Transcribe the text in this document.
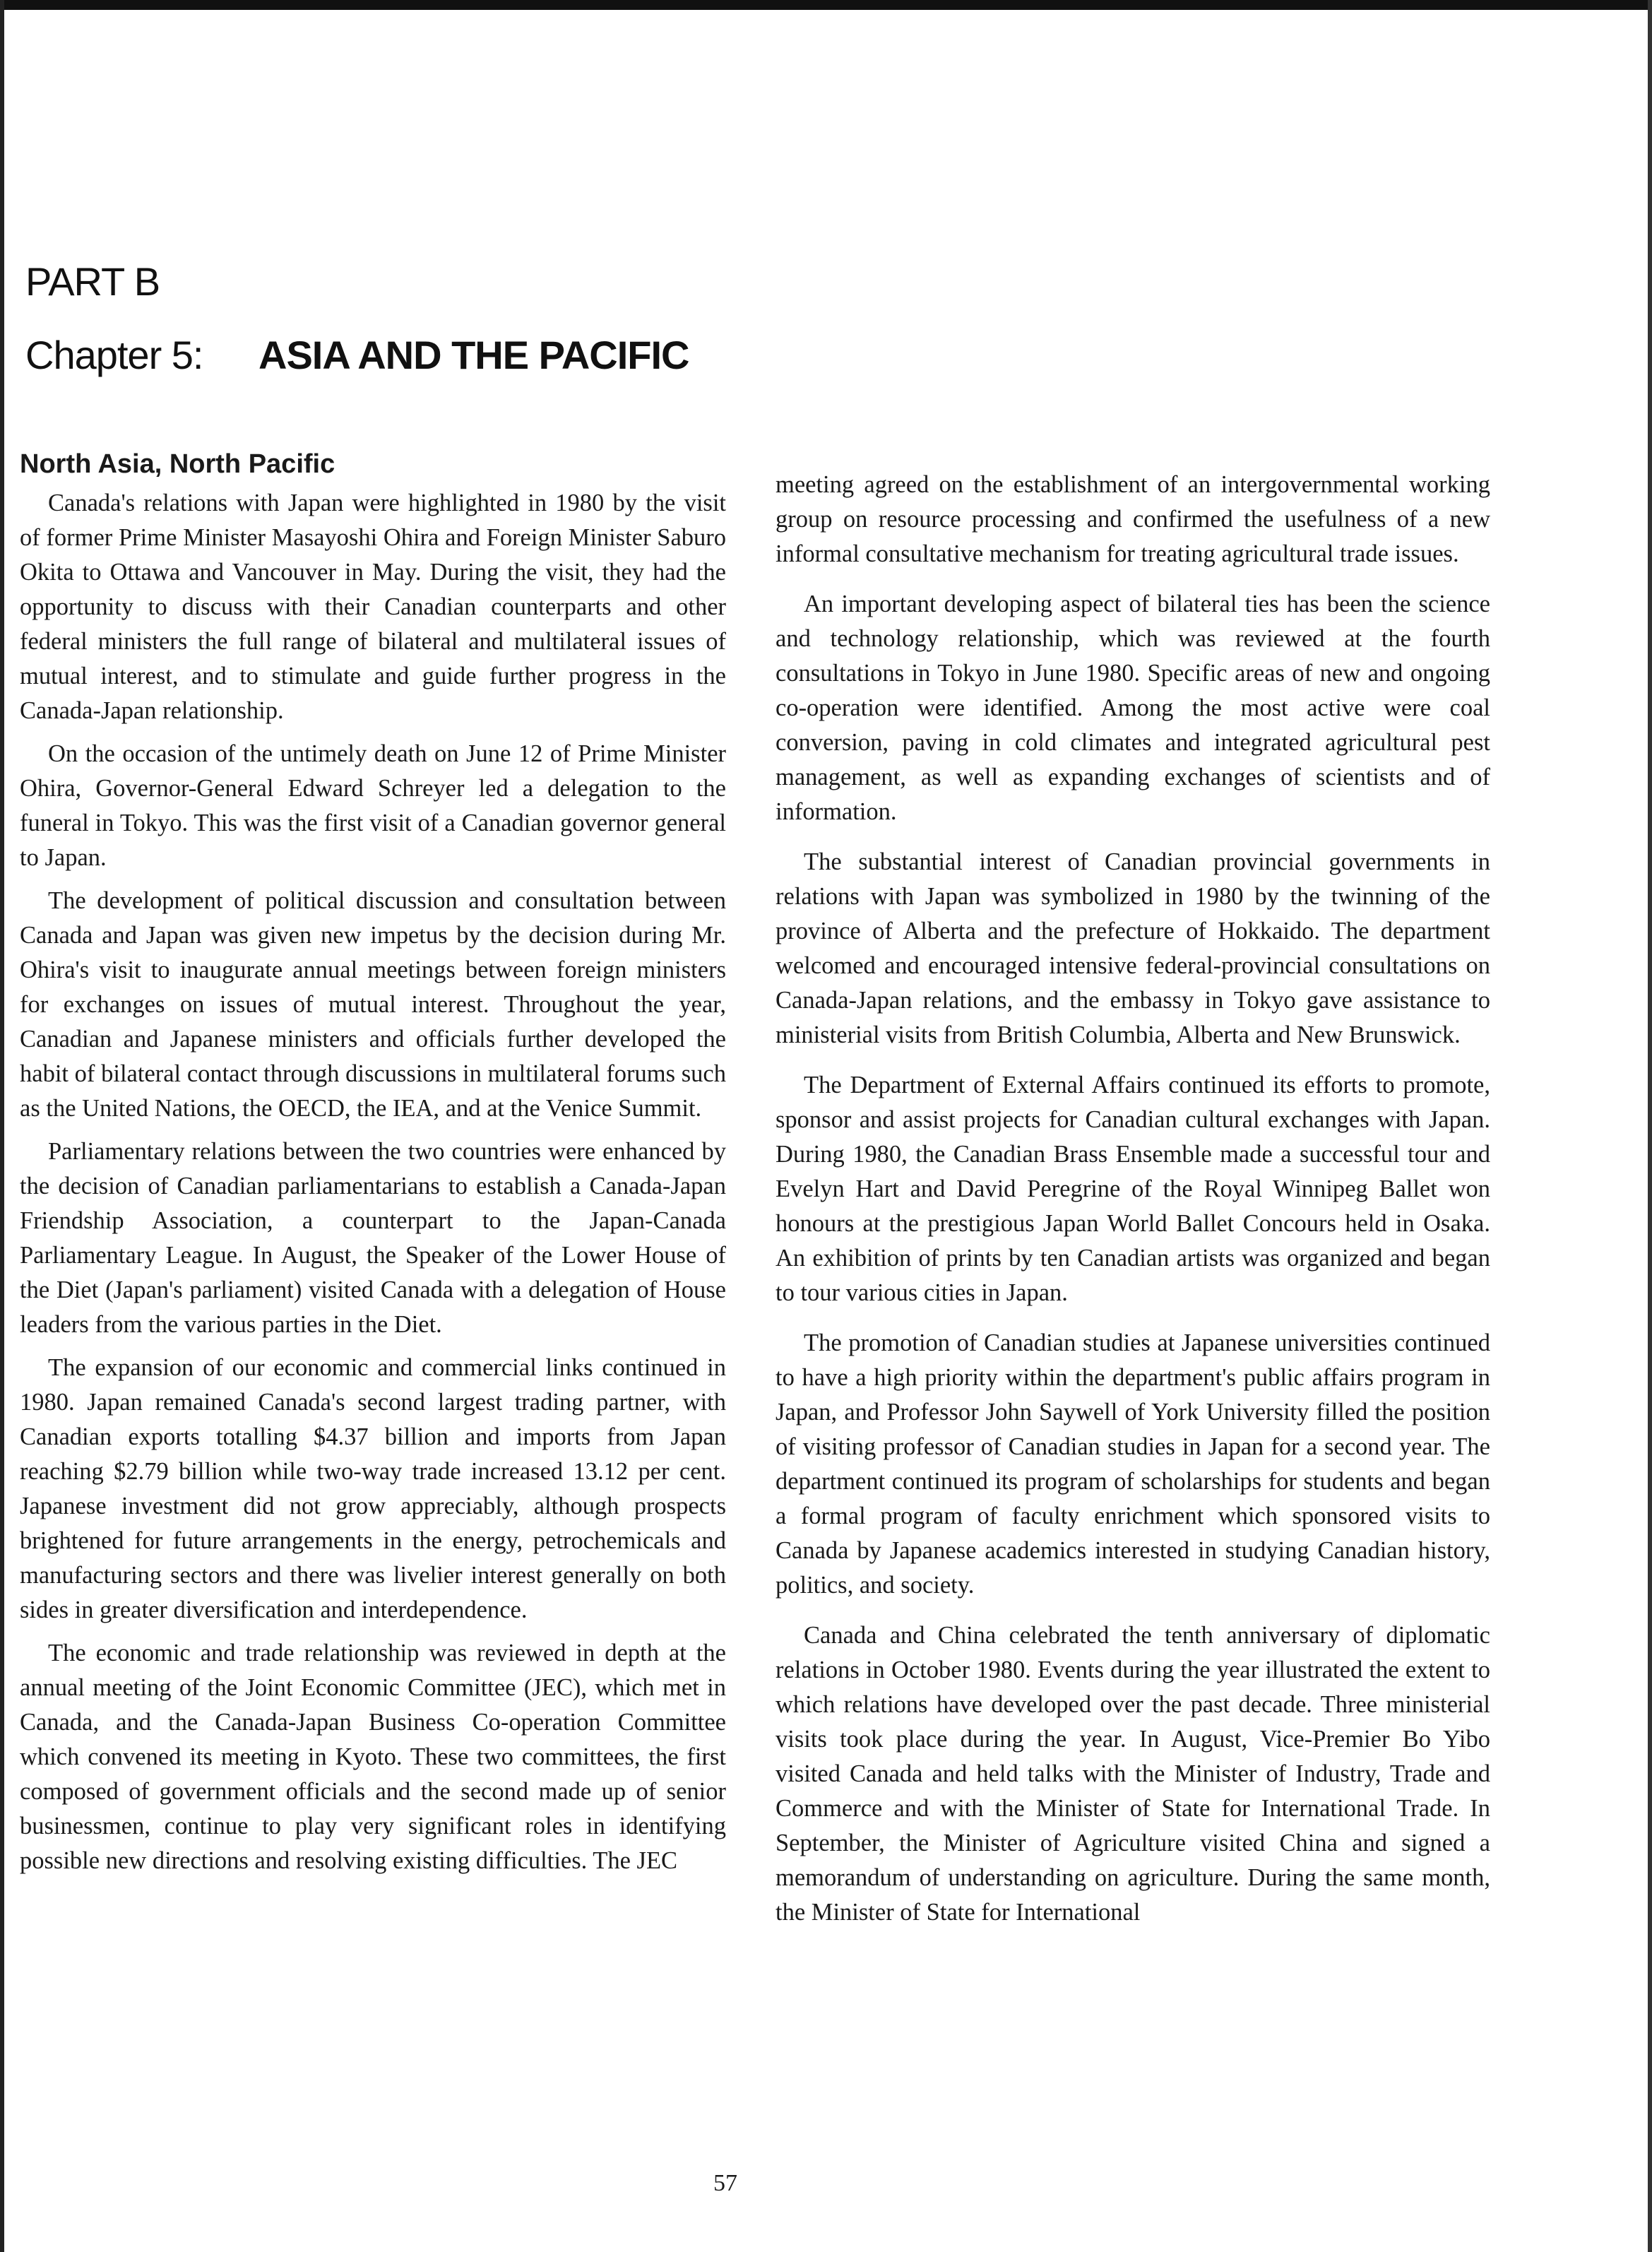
PART B
Chapter 5: ASIA AND THE PACIFIC
North Asia, North Pacific

Canada's relations with Japan were highlighted in 1980 by the visit of former Prime Minister Masayoshi Ohira and Foreign Minister Saburo Okita to Ottawa and Vancouver in May. During the visit, they had the opportunity to discuss with their Canadian counterparts and other federal ministers the full range of bilateral and multilateral issues of mutual interest, and to stimulate and guide further progress in the Canada-Japan relationship.

On the occasion of the untimely death on June 12 of Prime Minister Ohira, Governor-General Edward Schreyer led a delegation to the funeral in Tokyo. This was the first visit of a Canadian governor general to Japan.

The development of political discussion and consultation between Canada and Japan was given new impetus by the decision during Mr. Ohira's visit to inaugurate annual meetings between foreign ministers for exchanges on issues of mutual interest. Throughout the year, Canadian and Japanese ministers and officials further developed the habit of bilateral contact through discussions in multilateral forums such as the United Nations, the OECD, the IEA, and at the Venice Summit.

Parliamentary relations between the two countries were enhanced by the decision of Canadian parliamentarians to establish a Canada-Japan Friendship Association, a counterpart to the Japan-Canada Parliamentary League. In August, the Speaker of the Lower House of the Diet (Japan's parliament) visited Canada with a delegation of House leaders from the various parties in the Diet.

The expansion of our economic and commercial links continued in 1980. Japan remained Canada's second largest trading partner, with Canadian exports totalling $4.37 billion and imports from Japan reaching $2.79 billion while two-way trade increased 13.12 per cent. Japanese investment did not grow appreciably, although prospects brightened for future arrangements in the energy, petrochemicals and manufacturing sectors and there was livelier interest generally on both sides in greater diversification and interdependence.

The economic and trade relationship was reviewed in depth at the annual meeting of the Joint Economic Committee (JEC), which met in Canada, and the Canada-Japan Business Co-operation Committee which convened its meeting in Kyoto. These two committees, the first composed of government officials and the second made up of senior businessmen, continue to play very significant roles in identifying possible new directions and resolving existing difficulties. The JEC

meeting agreed on the establishment of an intergovernmental working group on resource processing and confirmed the usefulness of a new informal consultative mechanism for treating agricultural trade issues.

An important developing aspect of bilateral ties has been the science and technology relationship, which was reviewed at the fourth consultations in Tokyo in June 1980. Specific areas of new and ongoing co-operation were identified. Among the most active were coal conversion, paving in cold climates and integrated agricultural pest management, as well as expanding exchanges of scientists and of information.

The substantial interest of Canadian provincial governments in relations with Japan was symbolized in 1980 by the twinning of the province of Alberta and the prefecture of Hokkaido. The department welcomed and encouraged intensive federal-provincial consultations on Canada-Japan relations, and the embassy in Tokyo gave assistance to ministerial visits from British Columbia, Alberta and New Brunswick.

The Department of External Affairs continued its efforts to promote, sponsor and assist projects for Canadian cultural exchanges with Japan. During 1980, the Canadian Brass Ensemble made a successful tour and Evelyn Hart and David Peregrine of the Royal Winnipeg Ballet won honours at the prestigious Japan World Ballet Concours held in Osaka. An exhibition of prints by ten Canadian artists was organized and began to tour various cities in Japan.

The promotion of Canadian studies at Japanese universities continued to have a high priority within the department's public affairs program in Japan, and Professor John Saywell of York University filled the position of visiting professor of Canadian studies in Japan for a second year. The department continued its program of scholarships for students and began a formal program of faculty enrichment which sponsored visits to Canada by Japanese academics interested in studying Canadian history, politics, and society.

Canada and China celebrated the tenth anniversary of diplomatic relations in October 1980. Events during the year illustrated the extent to which relations have developed over the past decade. Three ministerial visits took place during the year. In August, Vice-Premier Bo Yibo visited Canada and held talks with the Minister of Industry, Trade and Commerce and with the Minister of State for International Trade. In September, the Minister of Agriculture visited China and signed a memorandum of understanding on agriculture. During the same month, the Minister of State for International

57
